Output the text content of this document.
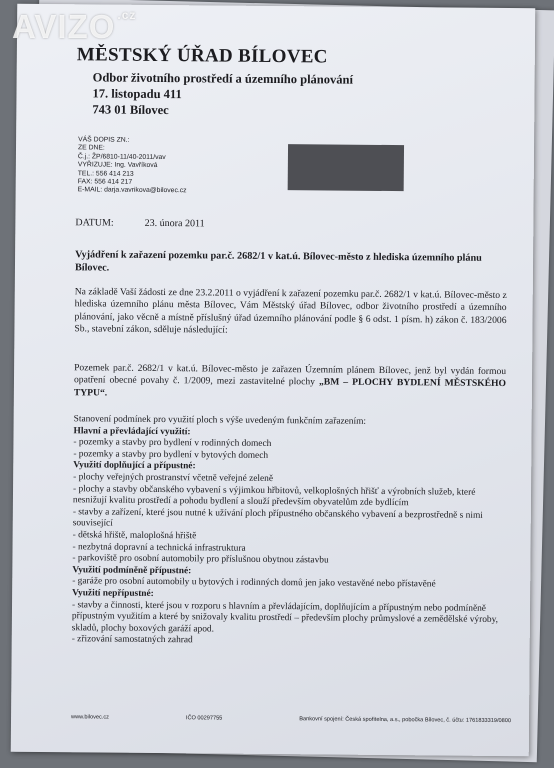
MĚSTSKÝ ÚŘAD BÍLOVEC
Odbor životního prostředí a územního plánování
17. listopadu 411
743 01 Bílovec
VÁŠ DOPIS ZN.:
ZE DNE:
Č.j.: ŽP/6810-11/40-2011/vav
VYŘIZUJE: Ing. Vavříková
TEL.: 556 414 213
FAX: 556 414 217
E-MAIL: darja.vavrikova@bilovec.cz
DATUM:	23. února 2011
Vyjádření k zařazení pozemku par.č. 2682/1 v kat.ú. Bílovec-město z hlediska územního plánu Bílovec.
Na základě Vaší žádosti ze dne 23.2.2011 o vyjádření k zařazení pozemku par.č. 2682/1 v kat.ú. Bílovec-město z hlediska územního plánu města Bílovec, Vám Městský úřad Bílovec, odbor životního prostředí a územního plánování, jako věcně a místně příslušný úřad územního plánování podle § 6 odst. 1 písm. h) zákon č. 183/2006 Sb., stavební zákon, sděluje následující:
Pozemek par.č. 2682/1 v kat.ú. Bílovec-město je zařazen Územním plánem Bílovec, jenž byl vydán formou opatření obecné povahy č. 1/2009, mezi zastavitelné plochy „BM – PLOCHY BYDLENÍ MĚSTSKÉHO TYPU“.
Stanovení podmínek pro využití ploch s výše uvedeným funkčním zařazením:
Hlavní a převládající využití:
- pozemky a stavby pro bydlení v rodinných domech
- pozemky a stavby pro bydlení v bytových domech
Využití doplňující a přípustné:
- plochy veřejných prostranství včetně veřejné zeleně
- plochy a stavby občanského vybavení s výjimkou hřbitovů, velkoplošných hřišť a výrobních služeb, které nesnižují kvalitu prostředí a pohodu bydlení a slouží především obyvatelům zde bydlícím
- stavby a zařízení, které jsou nutné k užívání ploch přípustného občanského vybavení a bezprostředně s nimi související
- dětská hřiště, maloplošná hřiště
- nezbytná dopravní a technická infrastruktura
- parkoviště pro osobní automobily pro příslušnou obytnou zástavbu
Využití podmíněně přípustné:
- garáže pro osobní automobily u bytových i rodinných domů jen jako vestavěné nebo přístavěné
Využití nepřípustné:
- stavby a činnosti, které jsou v rozporu s hlavním a převládajícím, doplňujícím a přípustným nebo podmíněně přípustným využitím a které by snižovaly kvalitu prostředí – především plochy průmyslové a zemědělské výroby, skladů, plochy boxových garáží apod.
- zřizování samostatných zahrad
www.bilovec.cz	IČO 00297755	Bankovní spojení: Česká spořitelna, a.s., pobočka Bílovec, č. účtu: 1761833319/0800
AVIZO $^{.cz}$
